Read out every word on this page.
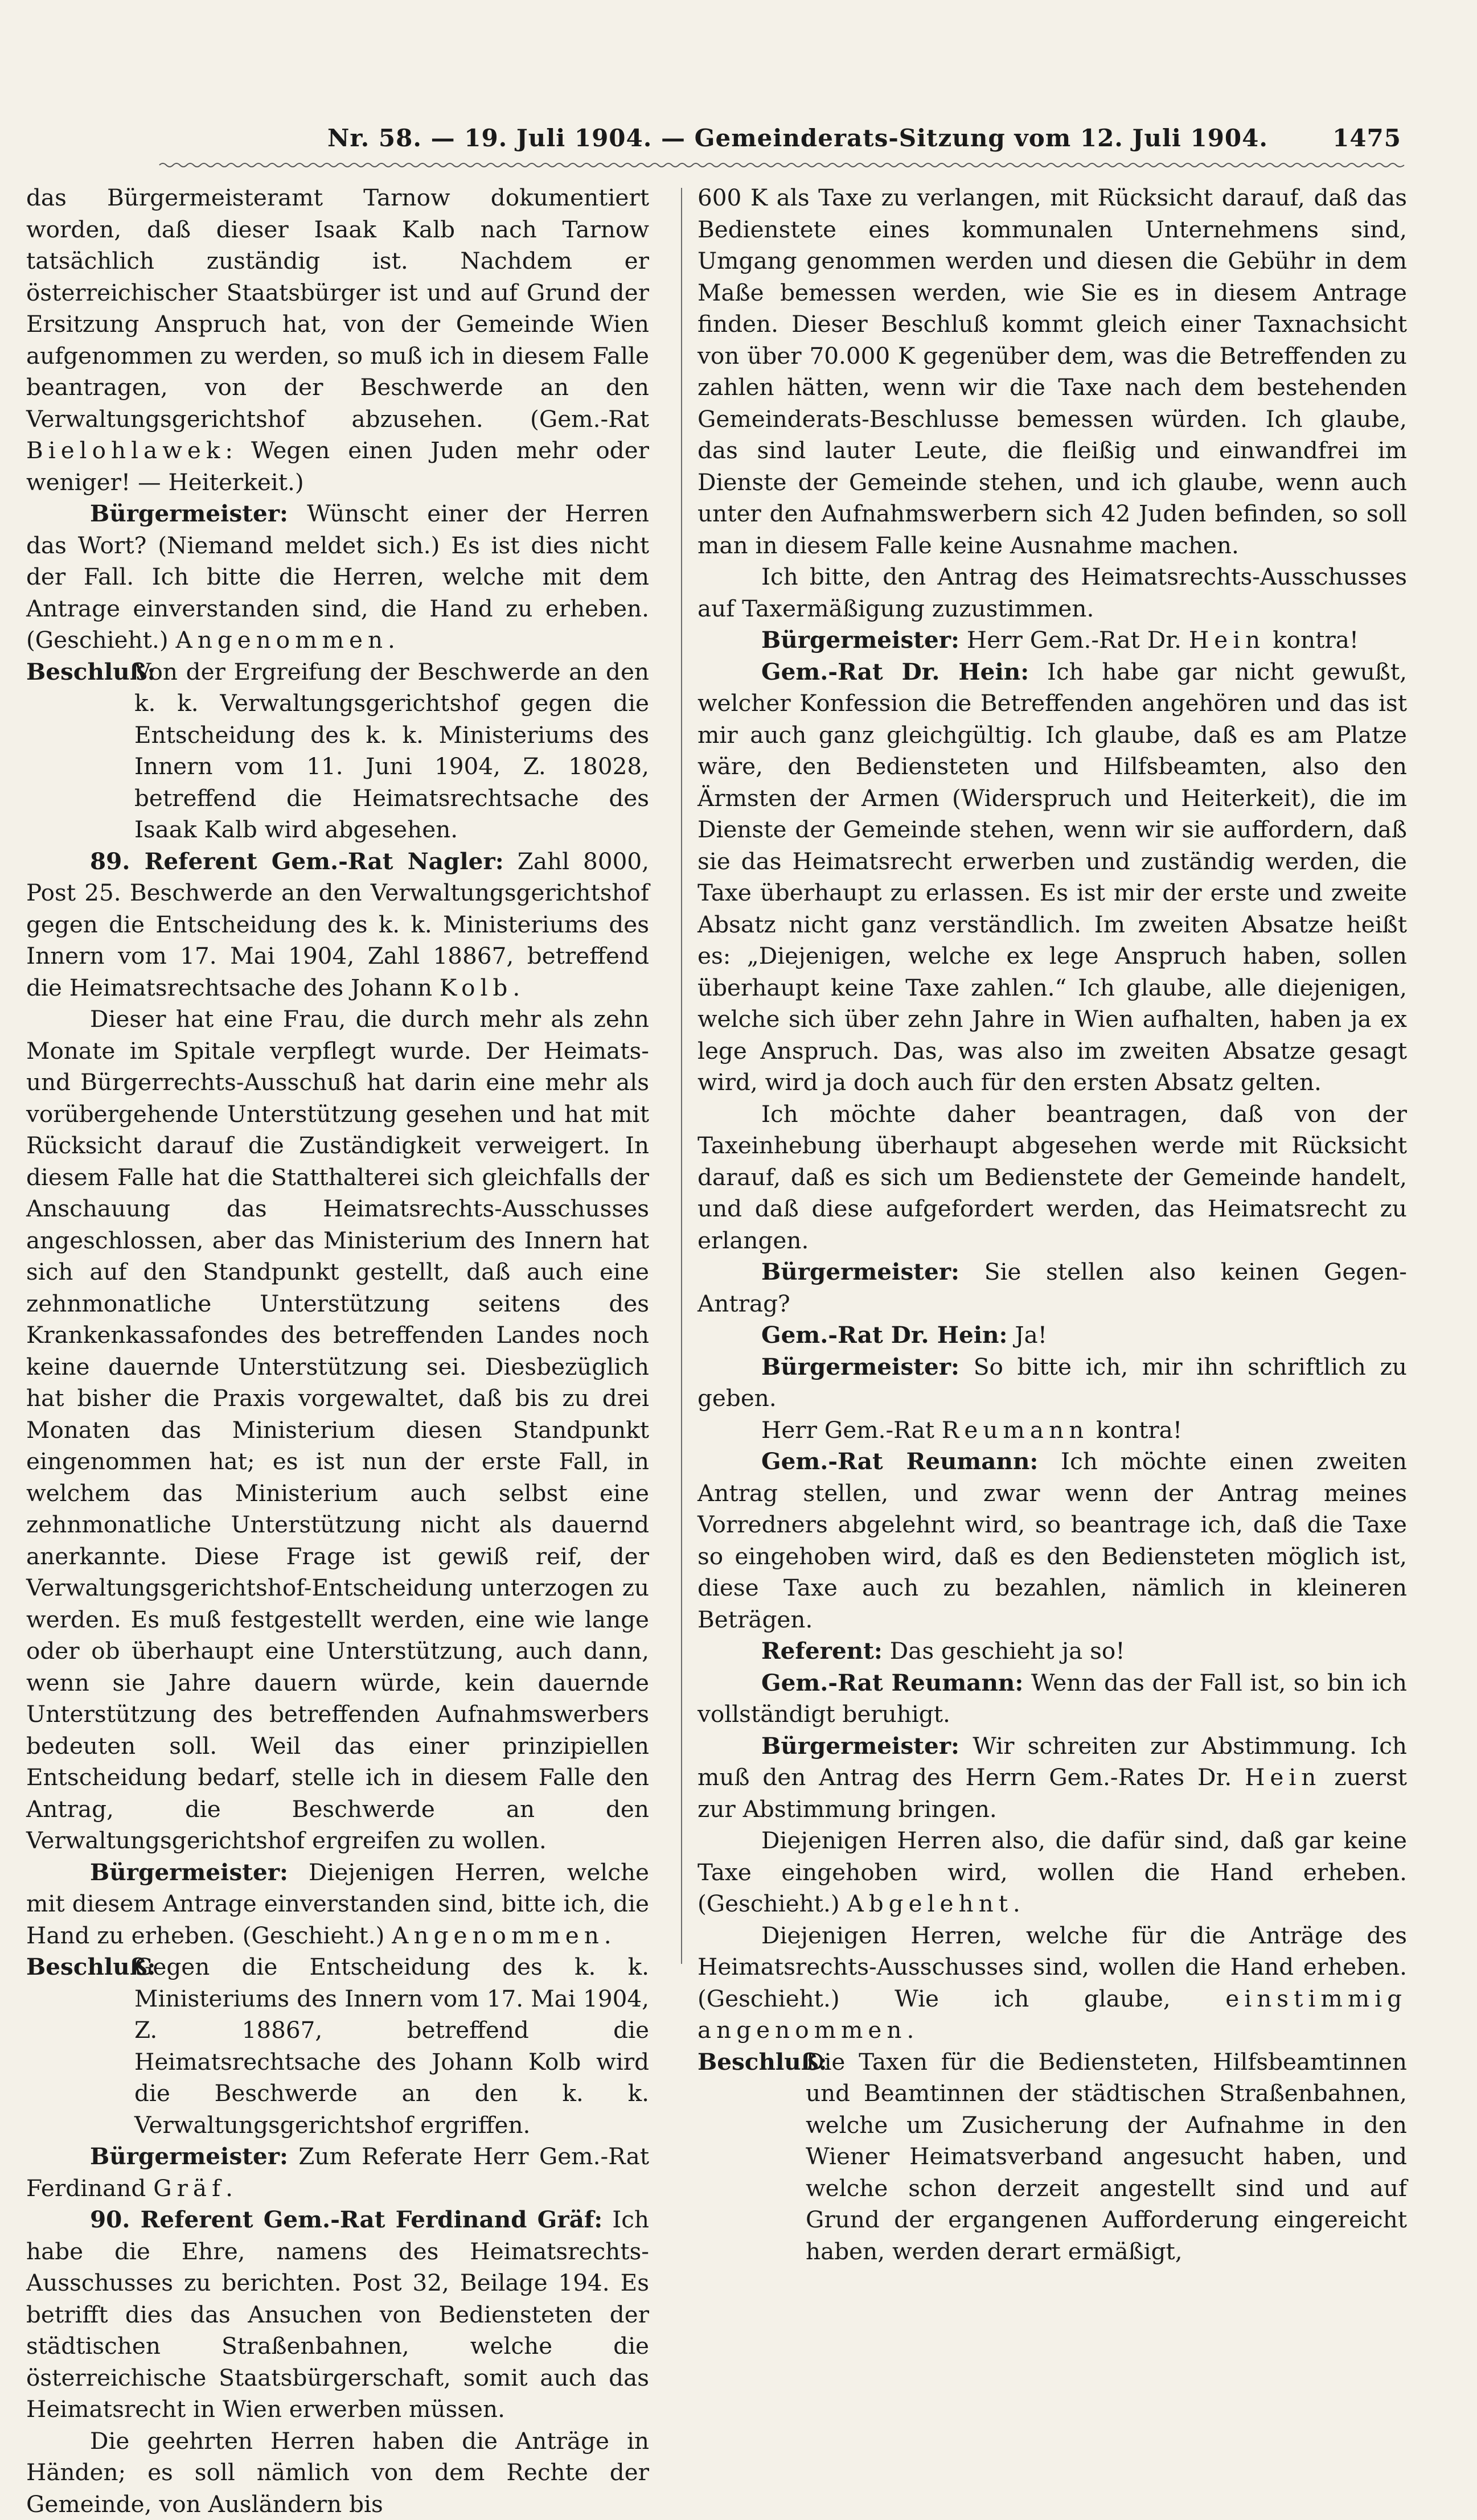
Nr. 58. — 19. Juli 1904. — Gemeinderats-Sitzung vom 12. Juli 1904.	1475

das Bürgermeisteramt Tarnow dokumentiert worden, daß dieser Isaak Kalb nach Tarnow tatsächlich zuständig ist. Nachdem er österreichischer Staatsbürger ist und auf Grund der Ersitzung Anspruch hat, von der Gemeinde Wien aufgenommen zu werden, so muß ich in diesem Falle beantragen, von der Beschwerde an den Verwaltungsgerichtshof abzusehen. (Gem.-Rat Bielohlawek: Wegen einen Juden mehr oder weniger! — Heiterkeit.)

Bürgermeister: Wünscht einer der Herren das Wort? (Niemand meldet sich.) Es ist dies nicht der Fall. Ich bitte die Herren, welche mit dem Antrage einverstanden sind, die Hand zu erheben. (Geschieht.) Angenommen.

Beschluß:
Von der Ergreifung der Beschwerde an den k. k. Verwaltungsgerichtshof gegen die Entscheidung des k. k. Ministeriums des Innern vom 11. Juni 1904, Z. 18028, betreffend die Heimatsrechtsache des Isaak Kalb wird abgesehen.

89. Referent Gem.-Rat Nagler: Zahl 8000, Post 25. Beschwerde an den Verwaltungsgerichtshof gegen die Entscheidung des k. k. Ministeriums des Innern vom 17. Mai 1904, Zahl 18867, betreffend die Heimatsrechtsache des Johann Kolb.

Dieser hat eine Frau, die durch mehr als zehn Monate im Spitale verpflegt wurde. Der Heimats- und Bürgerrechts-Ausschuß hat darin eine mehr als vorübergehende Unterstützung gesehen und hat mit Rücksicht darauf die Zuständigkeit verweigert. In diesem Falle hat die Statthalterei sich gleichfalls der Anschauung das Heimatsrechts-Ausschusses angeschlossen, aber das Ministerium des Innern hat sich auf den Standpunkt gestellt, daß auch eine zehnmonatliche Unterstützung seitens des Krankenkassafondes des betreffenden Landes noch keine dauernde Unterstützung sei. Diesbezüglich hat bisher die Praxis vorgewaltet, daß bis zu drei Monaten das Ministerium diesen Standpunkt eingenommen hat; es ist nun der erste Fall, in welchem das Ministerium auch selbst eine zehnmonatliche Unterstützung nicht als dauernd anerkannte. Diese Frage ist gewiß reif, der Verwaltungsgerichtshof-Entscheidung unterzogen zu werden. Es muß festgestellt werden, eine wie lange oder ob überhaupt eine Unterstützung, auch dann, wenn sie Jahre dauern würde, kein dauernde Unterstützung des betreffenden Aufnahmswerbers bedeuten soll. Weil das einer prinzipiellen Entscheidung bedarf, stelle ich in diesem Falle den Antrag, die Beschwerde an den Verwaltungsgerichtshof ergreifen zu wollen.

Bürgermeister: Diejenigen Herren, welche mit diesem Antrage einverstanden sind, bitte ich, die Hand zu erheben. (Geschieht.) Angenommen.

Beschluß:
Gegen die Entscheidung des k. k. Ministeriums des Innern vom 17. Mai 1904, Z. 18867, betreffend die Heimatsrechtsache des Johann Kolb wird die Beschwerde an den k. k. Verwaltungsgerichtshof ergriffen.

Bürgermeister: Zum Referate Herr Gem.-Rat Ferdinand Gräf.

90. Referent Gem.-Rat Ferdinand Gräf: Ich habe die Ehre, namens des Heimatsrechts-Ausschusses zu berichten. Post 32, Beilage 194. Es betrifft dies das Ansuchen von Bediensteten der städtischen Straßenbahnen, welche die österreichische Staatsbürgerschaft, somit auch das Heimatsrecht in Wien erwerben müssen.

Die geehrten Herren haben die Anträge in Händen; es soll nämlich von dem Rechte der Gemeinde, von Ausländern bis

600 K als Taxe zu verlangen, mit Rücksicht darauf, daß das Bedienstete eines kommunalen Unternehmens sind, Umgang genommen werden und diesen die Gebühr in dem Maße bemessen werden, wie Sie es in diesem Antrage finden. Dieser Beschluß kommt gleich einer Taxnachsicht von über 70.000 K gegenüber dem, was die Betreffenden zu zahlen hätten, wenn wir die Taxe nach dem bestehenden Gemeinderats-Beschlusse bemessen würden. Ich glaube, das sind lauter Leute, die fleißig und einwandfrei im Dienste der Gemeinde stehen, und ich glaube, wenn auch unter den Aufnahmswerbern sich 42 Juden befinden, so soll man in diesem Falle keine Ausnahme machen.

Ich bitte, den Antrag des Heimatsrechts-Ausschusses auf Taxermäßigung zuzustimmen.

Bürgermeister: Herr Gem.-Rat Dr. Hein kontra!

Gem.-Rat Dr. Hein: Ich habe gar nicht gewußt, welcher Konfession die Betreffenden angehören und das ist mir auch ganz gleichgültig. Ich glaube, daß es am Platze wäre, den Bediensteten und Hilfsbeamten, also den Ärmsten der Armen (Widerspruch und Heiterkeit), die im Dienste der Gemeinde stehen, wenn wir sie auffordern, daß sie das Heimatsrecht erwerben und zuständig werden, die Taxe überhaupt zu erlassen. Es ist mir der erste und zweite Absatz nicht ganz verständlich. Im zweiten Absatze heißt es: „Diejenigen, welche ex lege Anspruch haben, sollen überhaupt keine Taxe zahlen.“ Ich glaube, alle diejenigen, welche sich über zehn Jahre in Wien aufhalten, haben ja ex lege Anspruch. Das, was also im zweiten Absatze gesagt wird, wird ja doch auch für den ersten Absatz gelten.

Ich möchte daher beantragen, daß von der Taxeinhebung überhaupt abgesehen werde mit Rücksicht darauf, daß es sich um Bedienstete der Gemeinde handelt, und daß diese aufgefordert werden, das Heimatsrecht zu erlangen.

Bürgermeister: Sie stellen also keinen Gegen-Antrag?

Gem.-Rat Dr. Hein: Ja!

Bürgermeister: So bitte ich, mir ihn schriftlich zu geben.

Herr Gem.-Rat Reumann kontra!

Gem.-Rat Reumann: Ich möchte einen zweiten Antrag stellen, und zwar wenn der Antrag meines Vorredners abgelehnt wird, so beantrage ich, daß die Taxe so eingehoben wird, daß es den Bediensteten möglich ist, diese Taxe auch zu bezahlen, nämlich in kleineren Beträgen.

Referent: Das geschieht ja so!

Gem.-Rat Reumann: Wenn das der Fall ist, so bin ich vollständigt beruhigt.

Bürgermeister: Wir schreiten zur Abstimmung. Ich muß den Antrag des Herrn Gem.-Rates Dr. Hein zuerst zur Abstimmung bringen.

Diejenigen Herren also, die dafür sind, daß gar keine Taxe eingehoben wird, wollen die Hand erheben. (Geschieht.) Abgelehnt.

Diejenigen Herren, welche für die Anträge des Heimatsrechts-Ausschusses sind, wollen die Hand erheben. (Geschieht.) Wie ich glaube, einstimmig angenommen.

Beschluß:
Die Taxen für die Bediensteten, Hilfsbeamtinnen und Beamtinnen der städtischen Straßenbahnen, welche um Zusicherung der Aufnahme in den Wiener Heimatsverband angesucht haben, und welche schon derzeit angestellt sind und auf Grund der ergangenen Aufforderung eingereicht haben, werden derart ermäßigt,
